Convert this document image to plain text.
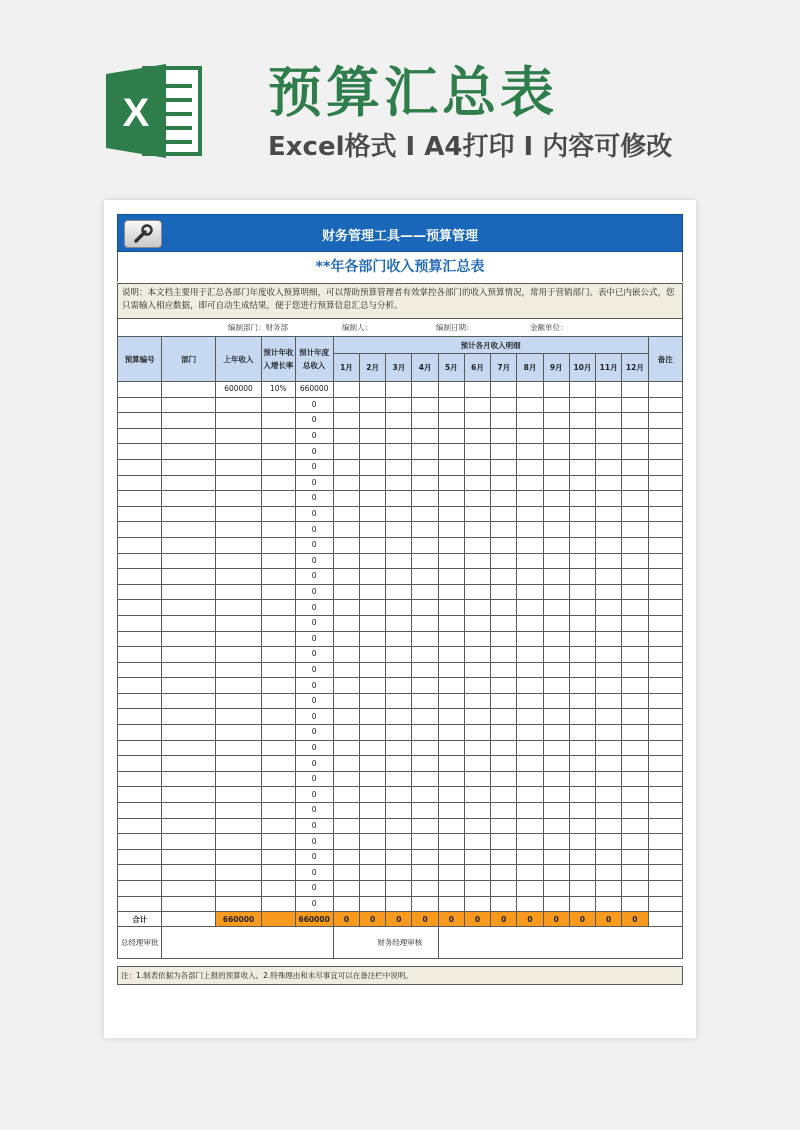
X 预算汇总表
Excel格式 I A4打印 I 内容可修改
财务管理工具——预算管理
**年各部门收入预算汇总表
说明：本文档主要用于汇总各部门年度收入预算明细，可以帮助预算管理者有效掌控各部门的收入预算情况，常用于营销部门。表中已内嵌公式，您只需输入相应数据，即可自动生成结果，便于您进行预算信息汇总与分析。
编制部门：财务部	编制人：	编制日期：	金额单位：
预算编号	部门	上年收入	预计年收入增长率	预计年度总收入	预计各月收入明细												备注
					1月	2月	3月	4月	5月	6月	7月	8月	9月	10月	11月	12月	
		600000	10%	660000													
				0													
				0													
				0													
				0													
				0													
				0													
				0													
				0													
				0													
				0													
				0													
				0													
				0													
				0													
				0													
				0													
				0													
				0													
				0													
				0													
				0													
				0													
				0													
				0													
				0													
				0													
				0													
				0													
				0													
				0													
				0													
				0													
				0													
合计		660000		660000	0	0	0	0	0	0	0	0	0	0	0	0	
总经理审批					财务经理审核												
注：1.制表依据为各部门上报的预算收入。2.特殊理由和未尽事宜可以在备注栏中说明。
